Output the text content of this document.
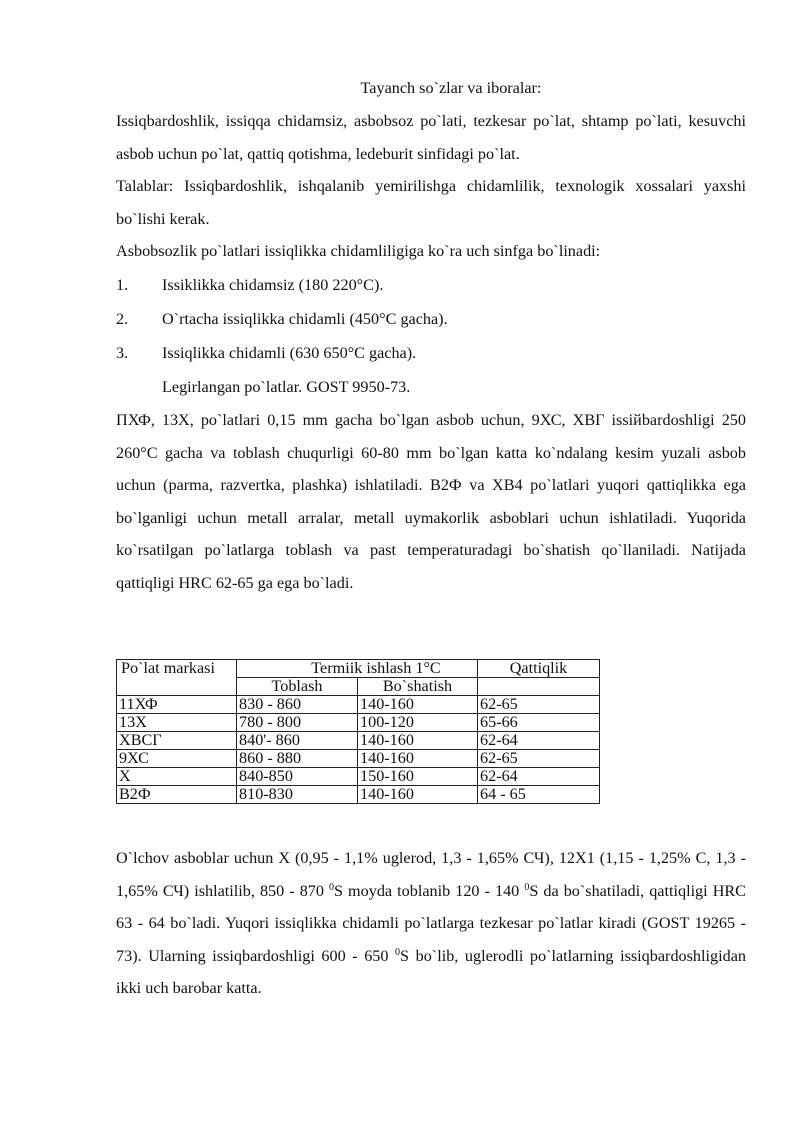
Tayanch so`zlar va iboralar:

Issiqbardoshlik, issiqqa chidamsiz, asbobsoz po`lati, tezkesar po`lat, shtamp po`lati, kesuvchi asbob uchun po`lat, qattiq qotishma, ledeburit sinfidagi po`lat.

Talablar: Issiqbardoshlik, ishqalanib yemirilishga chidamlilik, texnologik xossalari yaxshi bo`lishi kerak.

Asbobsozlik po`latlari issiqlikka chidamliligiga ko`ra uch sinfga bo`linadi:

1.	Issiklikka chidamsiz (180 220°C).
2.	O`rtacha issiqlikka chidamli (450°C gacha).
3.	Issiqlikka chidamli (630 650°C gacha).
Legirlangan po`latlar. GOST 9950-73.

ПХФ, 13Х, po`latlari 0,15 mm gacha bo`lgan asbob uchun, 9ХС, ХВГ issiйbardoshligi 250 260°C gacha va toblash chuqurligi 60-80 mm bo`lgan katta ko`ndalang kesim yuzali asbob uchun (parma, razvertka, plashka) ishlatiladi. В2Ф va ХВ4 po`latlari yuqori qattiqlikka ega bo`lganligi uchun metall arralar, metall uymakorlik asboblari uchun ishlatiladi. Yuqorida ko`rsatilgan po`latlarga toblash va past temperaturadagi bo`shatish qo`llaniladi. Natijada qattiqligi HRC 62-65 ga ega bo`ladi.

Po`lat markasi	Termiik ishlash 1°C		Qattiqlik
	Toblash	Bo`shatish	
11ХФ	830 - 860	140-160	62-65
13Х	780 - 800	100-120	65-66
ХВСГ	840'- 860	140-160	62-64
9ХС	860 - 880	140-160	62-65
Х	840-850	150-160	62-64
В2Ф	810-830	140-160	64 - 65

O`lchov asboblar uchun Х (0,95 - 1,1% uglerod, 1,3 - 1,65% СЧ), 12Х1 (1,15 - 1,25% С, 1,3 - 1,65% СЧ) ishlatilib, 850 - 870 $^0$S moyda toblanib 120 - 140 $^0$S da bo`shatiladi, qattiqligi HRC 63 - 64 bo`ladi. Yuqori issiqlikka chidamli po`latlarga tezkesar po`latlar kiradi (GOST 19265 - 73). Ularning issiqbardoshligi 600 - 650 $^0$S bo`lib, uglerodli po`latlarning issiqbardoshligidan ikki uch barobar katta.
